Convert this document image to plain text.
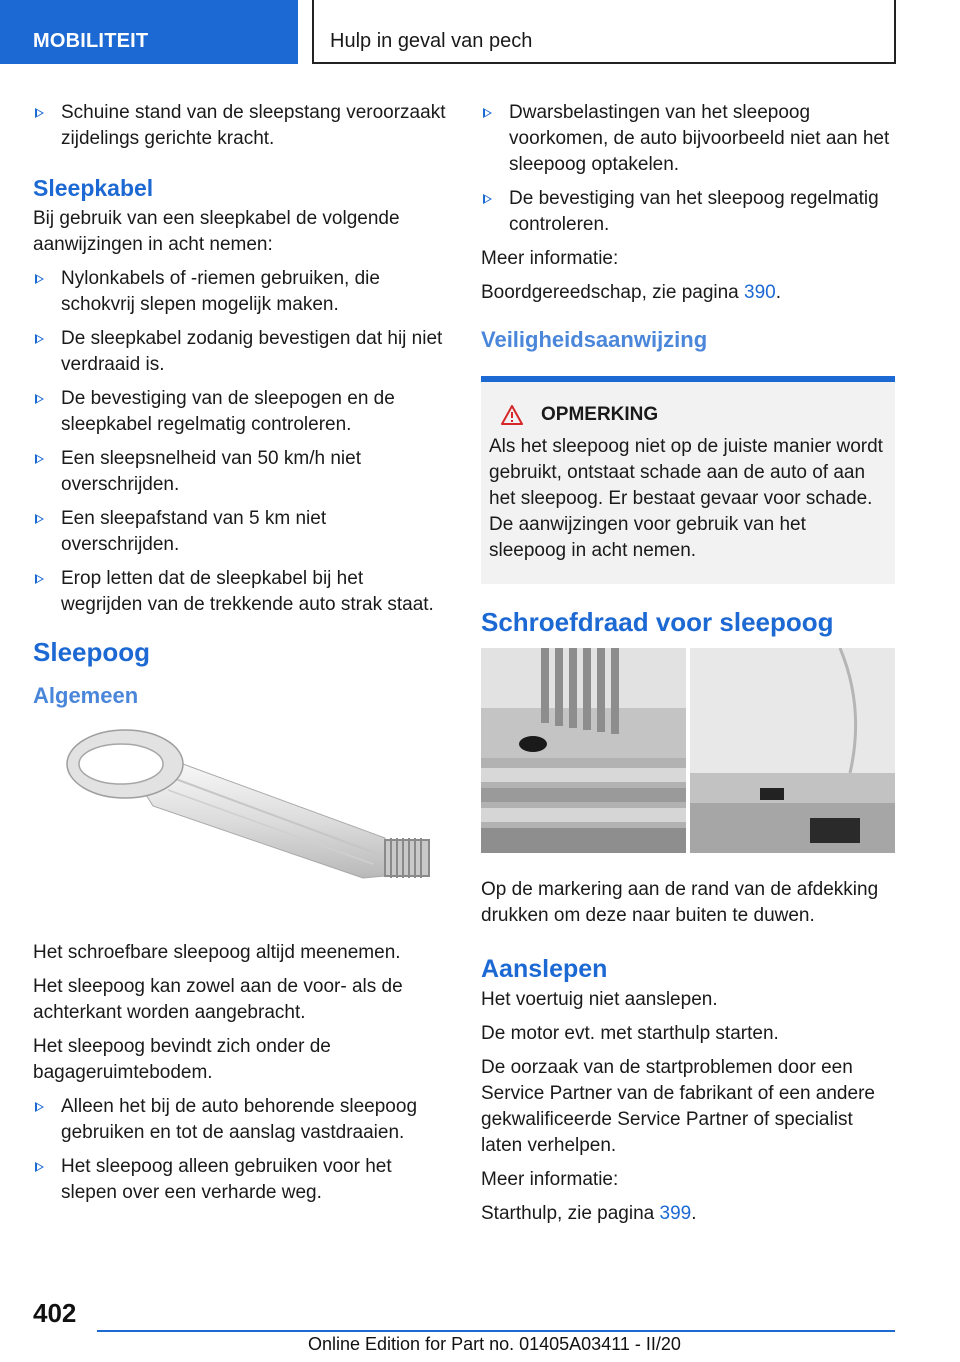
MOBILITEIT	Hulp in geval van pech
Schuine stand van de sleepstang veroorzaakt zijdelings gerichte kracht.
Sleepkabel

Bij gebruik van een sleepkabel de volgende aanwijzingen in acht nemen:

Nylonkabels of -riemen gebruiken, die schokvrij slepen mogelijk maken.
De sleepkabel zodanig bevestigen dat hij niet verdraaid is.
De bevestiging van de sleepogen en de sleepkabel regelmatig controleren.
Een sleepsnelheid van 50 km/h niet overschrijden.
Een sleepafstand van 5 km niet overschrijden.
Erop letten dat de sleepkabel bij het wegrijden van de trekkende auto strak staat.
Sleepoog
Algemeen

Het schroefbare sleepoog altijd meenemen.

Het sleepoog kan zowel aan de voor- als de achterkant worden aangebracht.

Het sleepoog bevindt zich onder de bagageruimtebodem.

Alleen het bij de auto behorende sleepoog gebruiken en tot de aanslag vastdraaien.
Het sleepoog alleen gebruiken voor het slepen over een verharde weg.
Dwarsbelastingen van het sleepoog voorkomen, de auto bijvoorbeeld niet aan het sleepoog optakelen.
De bevestiging van het sleepoog regelmatig controleren.

Meer informatie:

Boordgereedschap, zie pagina 390.

Veiligheidsaanwijzing
OPMERKING

Als het sleepoog niet op de juiste manier wordt gebruikt, ontstaat schade aan de auto of aan het sleepoog. Er bestaat gevaar voor schade. De aanwijzingen voor gebruik van het sleepoog in acht nemen.

Schroefdraad voor sleepoog

Op de markering aan de rand van de afdekking drukken om deze naar buiten te duwen.

Aanslepen

Het voertuig niet aanslepen.

De motor evt. met starthulp starten.

De oorzaak van de startproblemen door een Service Partner van de fabrikant of een andere gekwalificeerde Service Partner of specialist laten verhelpen.

Meer informatie:

Starthulp, zie pagina 399.

402
Online Edition for Part no. 01405A03411 - II/20
